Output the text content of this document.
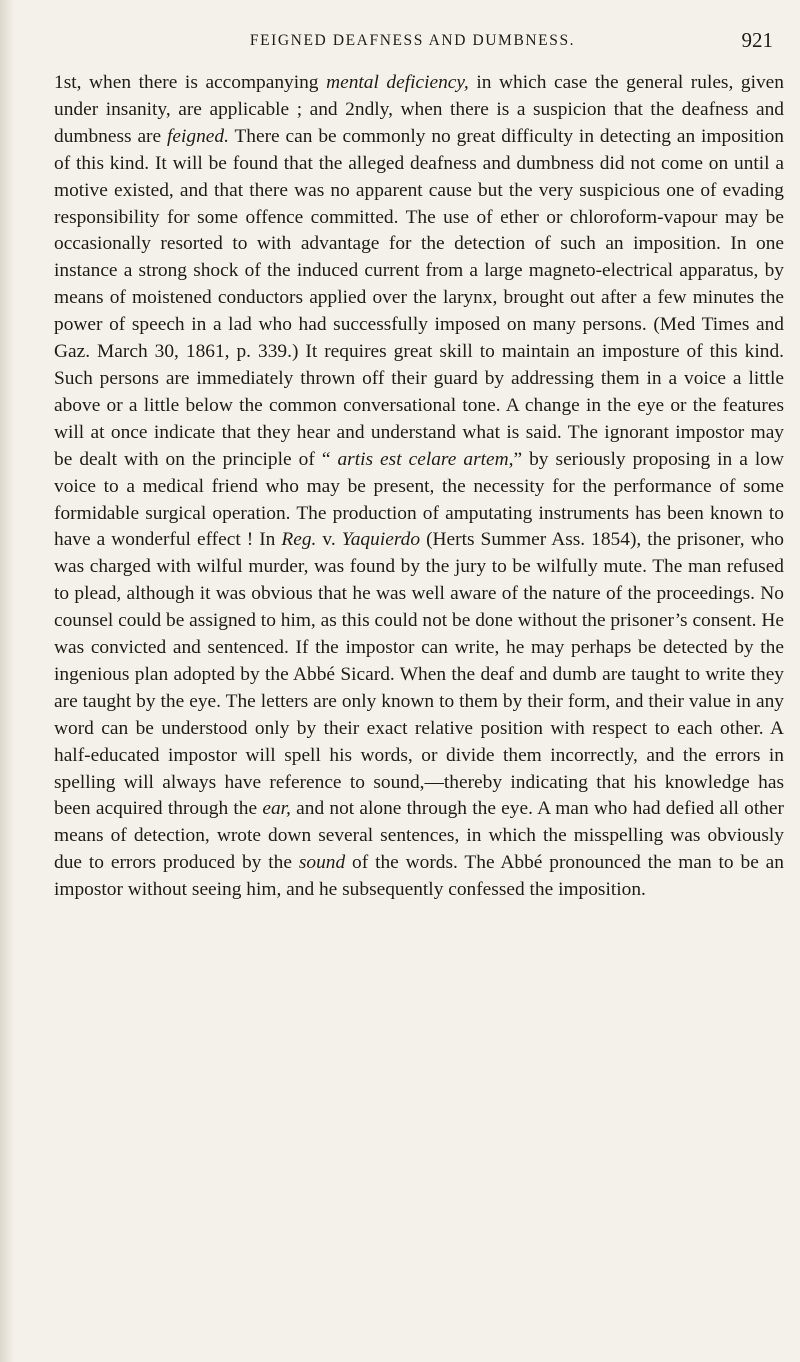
FEIGNED DEAFNESS AND DUMBNESS.	921

1st, when there is accompanying mental deficiency, in which case the general rules, given under insanity, are applicable ; and 2ndly, when there is a suspicion that the deafness and dumbness are feigned. There can be commonly no great difficulty in detecting an imposition of this kind. It will be found that the alleged deafness and dumbness did not come on until a motive existed, and that there was no apparent cause but the very suspicious one of evading responsibility for some offence committed. The use of ether or chloroform-vapour may be occasionally resorted to with advantage for the detection of such an imposition. In one instance a strong shock of the induced current from a large magneto-electrical apparatus, by means of moistened conductors applied over the larynx, brought out after a few minutes the power of speech in a lad who had successfully imposed on many persons. (Med Times and Gaz. March 30, 1861, p. 339.) It requires great skill to maintain an imposture of this kind. Such persons are immediately thrown off their guard by addressing them in a voice a little above or a little below the common conversational tone. A change in the eye or the features will at once indicate that they hear and understand what is said. The ignorant impostor may be dealt with on the principle of “ artis est celare artem,” by seriously proposing in a low voice to a medical friend who may be present, the necessity for the performance of some formidable surgical operation. The production of amputating instruments has been known to have a wonderful effect ! In Reg. v. Yaquierdo (Herts Summer Ass. 1854), the prisoner, who was charged with wilful murder, was found by the jury to be wilfully mute. The man refused to plead, although it was obvious that he was well aware of the nature of the proceedings. No counsel could be assigned to him, as this could not be done without the prisoner’s consent. He was convicted and sentenced. If the impostor can write, he may perhaps be detected by the ingenious plan adopted by the Abbé Sicard. When the deaf and dumb are taught to write they are taught by the eye. The letters are only known to them by their form, and their value in any word can be understood only by their exact relative position with respect to each other. A half-educated impostor will spell his words, or divide them incorrectly, and the errors in spelling will always have reference to sound,—thereby indicating that his knowledge has been acquired through the ear, and not alone through the eye. A man who had defied all other means of detection, wrote down several sentences, in which the misspelling was obviously due to errors produced by the sound of the words. The Abbé pronounced the man to be an impostor without seeing him, and he subsequently confessed the imposition.
